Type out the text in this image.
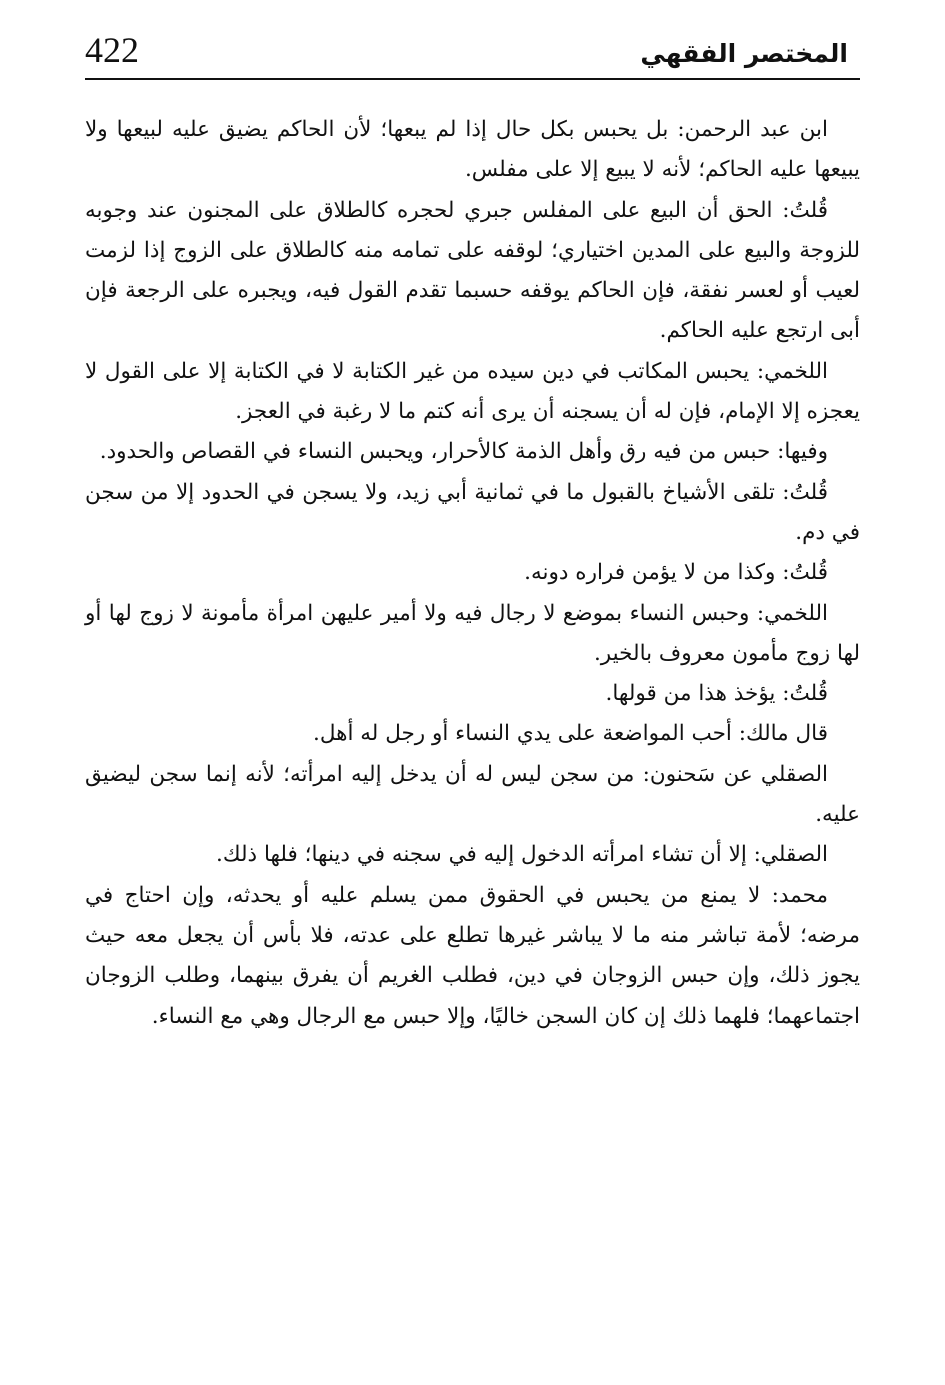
المختصر الفقهي
422

ابن عبد الرحمن: بل يحبس بكل حال إذا لم يبعها؛ لأن الحاكم يضيق عليه لبيعها ولا يبيعها عليه الحاكم؛ لأنه لا يبيع إلا على مفلس.

قُلتُ: الحق أن البيع على المفلس جبري لحجره كالطلاق على المجنون عند وجوبه للزوجة والبيع على المدين اختياري؛ لوقفه على تمامه منه كالطلاق على الزوج إذا لزمت لعيب أو لعسر نفقة، فإن الحاكم يوقفه حسبما تقدم القول فيه، ويجبره على الرجعة فإن أبى ارتجع عليه الحاكم.

اللخمي: يحبس المكاتب في دين سيده من غير الكتابة لا في الكتابة إلا على القول لا يعجزه إلا الإمام، فإن له أن يسجنه أن يرى أنه كتم ما لا رغبة في العجز.

وفيها: حبس من فيه رق وأهل الذمة كالأحرار، ويحبس النساء في القصاص والحدود.

قُلتُ: تلقى الأشياخ بالقبول ما في ثمانية أبي زيد، ولا يسجن في الحدود إلا من سجن في دم.

قُلتُ: وكذا من لا يؤمن فراره دونه.

اللخمي: وحبس النساء بموضع لا رجال فيه ولا أمير عليهن امرأة مأمونة لا زوج لها أو لها زوج مأمون معروف بالخير.

قُلتُ: يؤخذ هذا من قولها.

قال مالك: أحب المواضعة على يدي النساء أو رجل له أهل.

الصقلي عن سَحنون: من سجن ليس له أن يدخل إليه امرأته؛ لأنه إنما سجن ليضيق عليه.

الصقلي: إلا أن تشاء امرأته الدخول إليه في سجنه في دينها؛ فلها ذلك.

محمد: لا يمنع من يحبس في الحقوق ممن يسلم عليه أو يحدثه، وإن احتاج في مرضه؛ لأمة تباشر منه ما لا يباشر غيرها تطلع على عدته، فلا بأس أن يجعل معه حيث يجوز ذلك، وإن حبس الزوجان في دين، فطلب الغريم أن يفرق بينهما، وطلب الزوجان اجتماعهما؛ فلهما ذلك إن كان السجن خاليًا، وإلا حبس مع الرجال وهي مع النساء.
